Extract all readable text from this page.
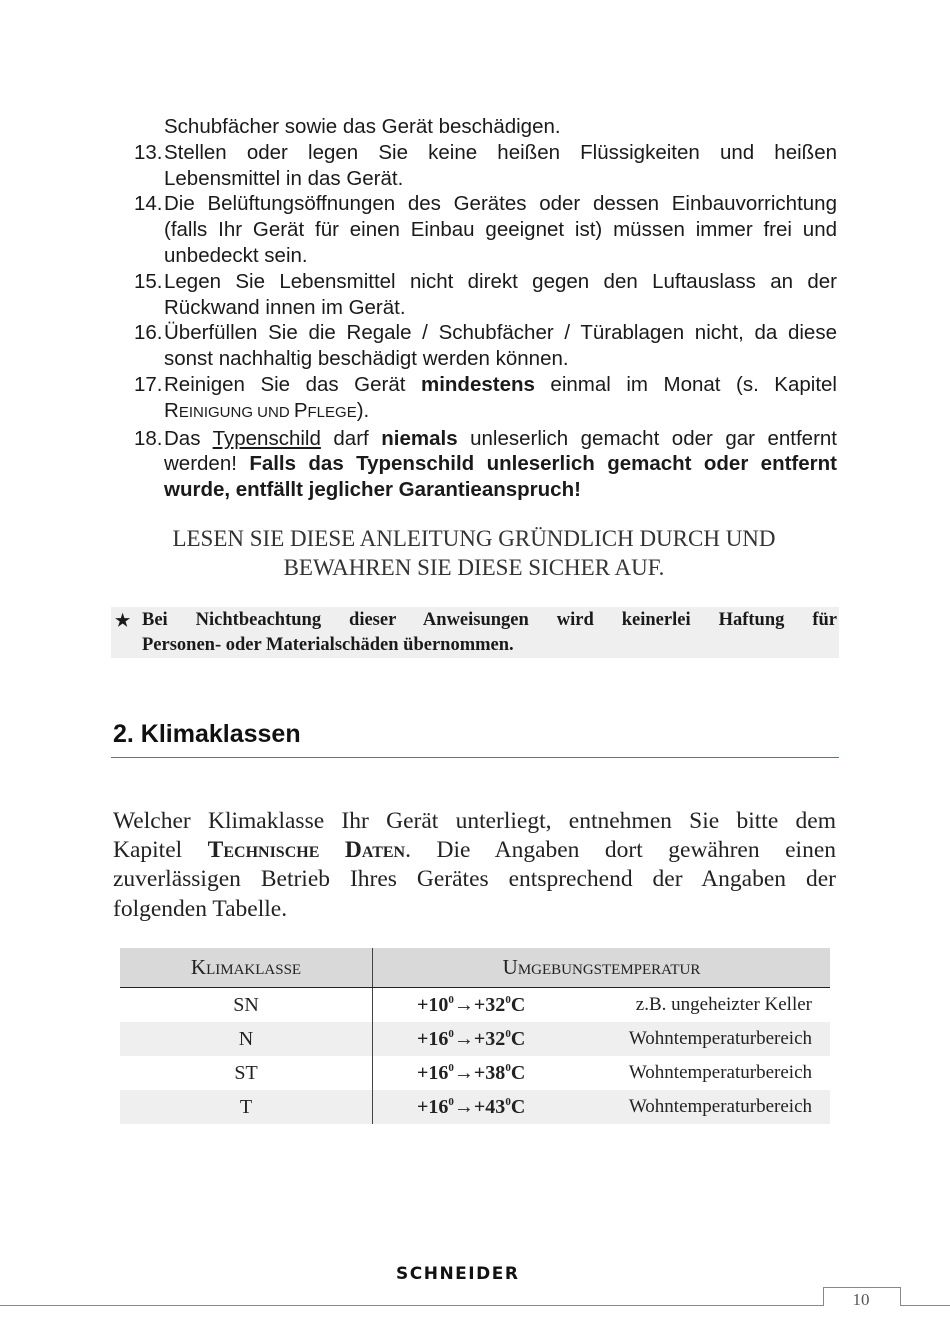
Schubfächer sowie das Gerät beschädigen.
13. Stellen oder legen Sie keine heißen Flüssigkeiten und heißen Lebensmittel in das Gerät.
14. Die Belüftungsöffnungen des Gerätes oder dessen Einbauvorrichtung (falls Ihr Gerät für einen Einbau geeignet ist) müssen immer frei und unbedeckt sein.
15. Legen Sie Lebensmittel nicht direkt gegen den Luftauslass an der Rückwand innen im Gerät.
16. Überfüllen Sie die Regale / Schubfächer / Türablagen nicht, da diese sonst nachhaltig beschädigt werden können.
17. Reinigen Sie das Gerät mindestens einmal im Monat (s. Kapitel REINIGUNG UND PFLEGE).
18. Das Typenschild darf niemals unleserlich gemacht oder gar entfernt werden! Falls das Typenschild unleserlich gemacht oder entfernt wurde, entfällt jeglicher Garantieanspruch!
LESEN SIE DIESE ANLEITUNG GRÜNDLICH DURCH UND
BEWAHREN SIE DIESE SICHER AUF.
★ Bei Nichtbeachtung dieser Anweisungen wird keinerlei Haftung für
Personen- oder Materialschäden übernommen.
2. Klimaklassen
Welcher Klimaklasse Ihr Gerät unterliegt, entnehmen Sie bitte dem
Kapitel Technische Daten. Die Angaben dort gewähren einen
zuverlässigen Betrieb Ihres Gerätes entsprechend der Angaben der
folgenden Tabelle.
Klimaklasse	Umgebungstemperatur	
SN	$+10^0\to+32^0C$	z.B. ungeheizter Keller
N	$+16^0\to+32^0C$	Wohntemperaturbereich
ST	$+16^0\to+38^0C$	Wohntemperaturbereich
T	$+16^0\to+43^0C$	Wohntemperaturbereich
SCHNEIDER
10
